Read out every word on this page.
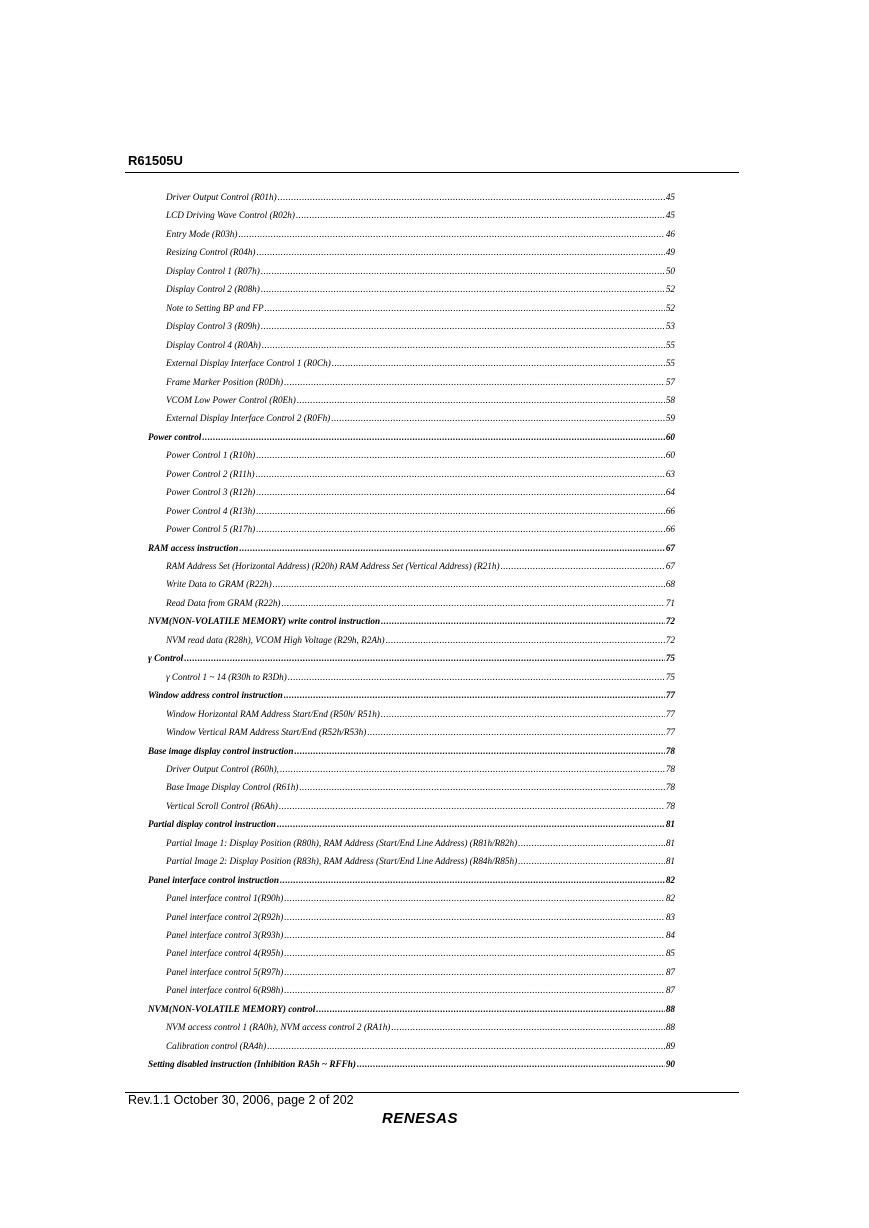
R61505U
Driver Output Control (R01h) .....	45
LCD Driving Wave Control (R02h) .....	45
Entry Mode (R03h) .....	46
Resizing Control (R04h) .....	49
Display Control 1 (R07h) .....	50
Display Control 2 (R08h) .....	52
Note to Setting BP and FP .....	52
Display Control 3 (R09h) .....	53
Display Control 4 (R0Ah) .....	55
External Display Interface Control 1 (R0Ch) .....	55
Frame Marker Position (R0Dh) .....	57
VCOM Low Power Control (R0Eh) .....	58
External Display Interface Control 2 (R0Fh) .....	59
Power control .....	60
Power Control 1 (R10h) .....	60
Power Control 2 (R11h) .....	63
Power Control 3 (R12h) .....	64
Power Control 4 (R13h) .....	66
Power Control 5 (R17h) .....	66
RAM access instruction .....	67
RAM Address Set (Horizontal Address) (R20h) RAM Address Set (Vertical Address) (R21h) .....	67
Write Data to GRAM (R22h) .....	68
Read Data from GRAM (R22h) .....	71
NVM(NON-VOLATILE MEMORY) write control instruction .....	72
NVM read data (R28h), VCOM High Voltage (R29h, R2Ah) .....	72
γ Control .....	75
γ Control 1 ~ 14 (R30h to R3Dh) .....	75
Window address control instruction .....	77
Window Horizontal RAM Address Start/End (R50h/ R51h) .....	77
Window Vertical RAM Address Start/End (R52h/R53h) .....	77
Base image display control instruction .....	78
Driver Output Control (R60h), .....	78
Base Image Display Control (R61h) .....	78
Vertical Scroll Control (R6Ah) .....	78
Partial display control instruction .....	81
Partial Image 1: Display Position (R80h), RAM Address (Start/End Line Address) (R81h/R82h) .....	81
Partial Image 2: Display Position (R83h), RAM Address (Start/End Line Address) (R84h/R85h) .....	81
Panel interface control instruction .....	82
Panel interface control 1(R90h) .....	82
Panel interface control 2(R92h) .....	83
Panel interface control 3(R93h) .....	84
Panel interface control 4(R95h) .....	85
Panel interface control 5(R97h) .....	87
Panel interface control 6(R98h) .....	87
NVM(NON-VOLATILE MEMORY) control .....	88
NVM access control 1 (RA0h), NVM access control 2 (RA1h) .....	88
Calibration control (RA4h) .....	89
Setting disabled instruction (Inhibition RA5h ~ RFFh) .....	90
Rev.1.1 October 30, 2006, page 2 of 202
RENESAS
